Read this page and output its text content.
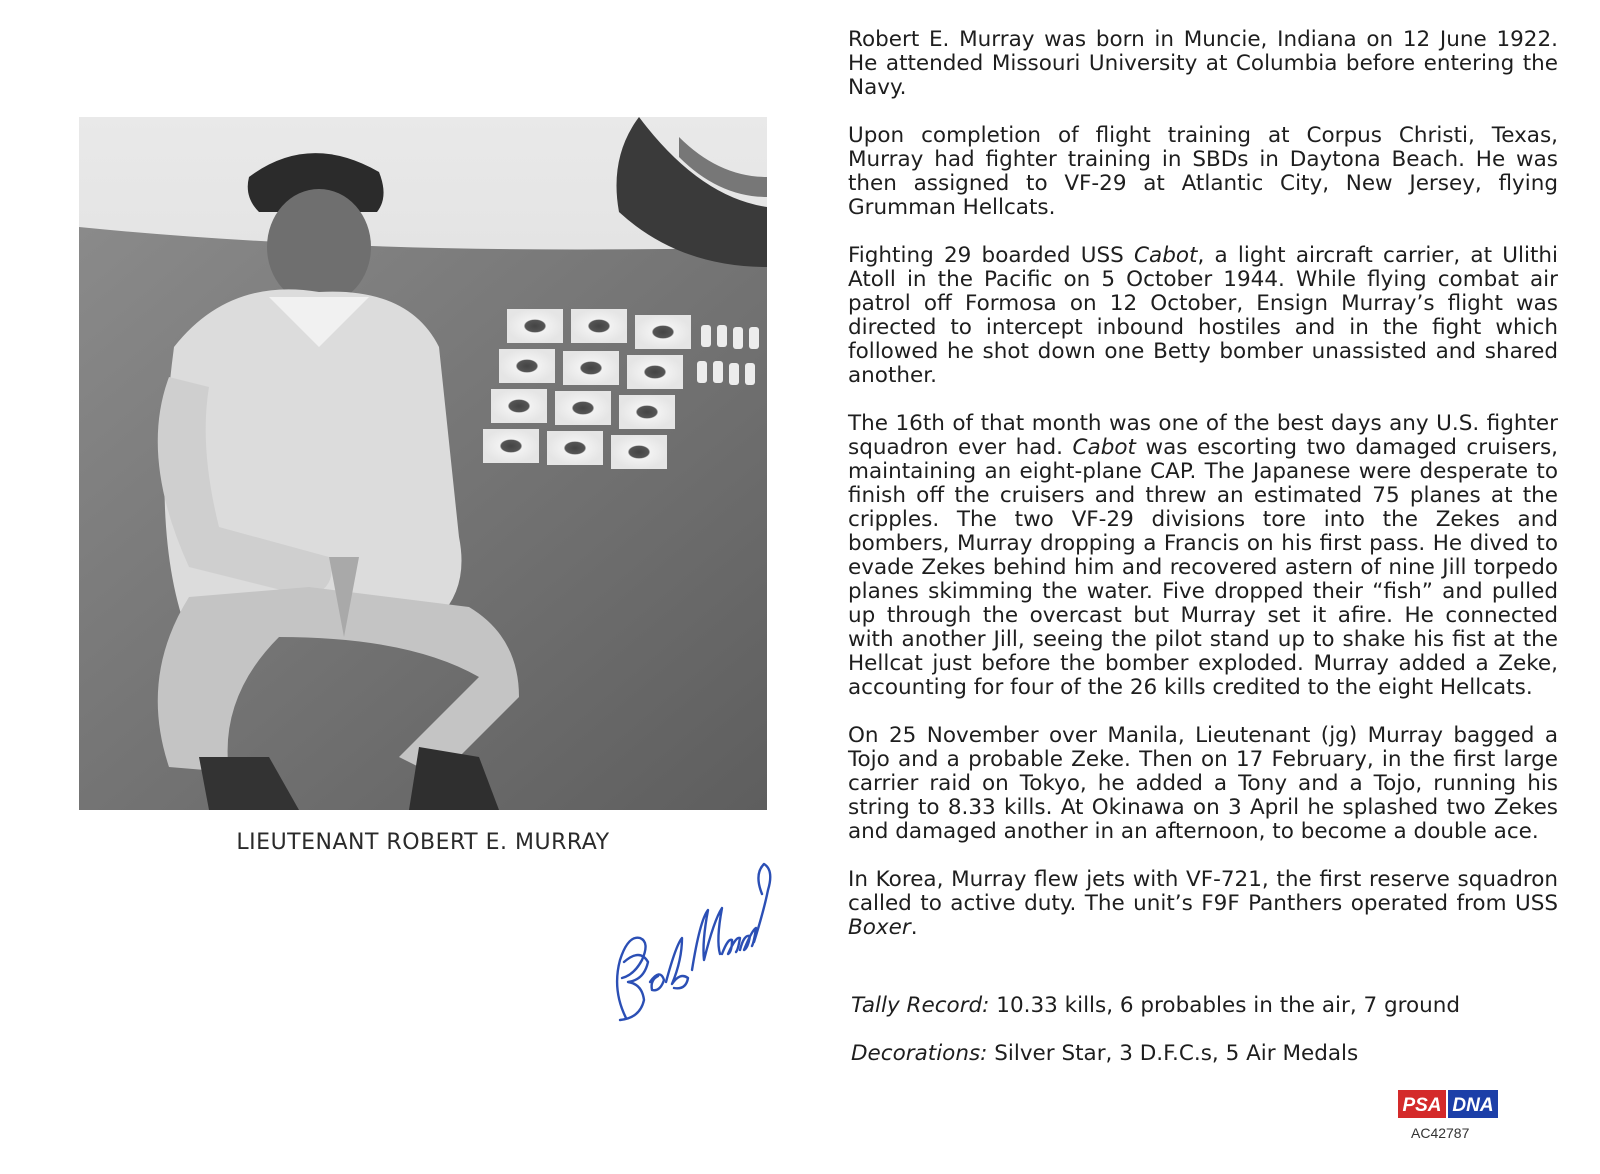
LIEUTENANT ROBERT E. MURRAY

Robert E. Murray was born in Muncie, Indiana on 12 June 1922. He attended Missouri University at Columbia before entering the Navy.

Upon completion of flight training at Corpus Christi, Texas, Murray had fighter training in SBDs in Daytona Beach. He was then assigned to VF-29 at Atlantic City, New Jersey, flying Grumman Hellcats.

Fighting 29 boarded USS Cabot, a light aircraft carrier, at Ulithi Atoll in the Pacific on 5 October 1944. While flying combat air patrol off Formosa on 12 October, Ensign Murray’s flight was directed to intercept inbound hostiles and in the fight which followed he shot down one Betty bomber unassisted and shared another.

The 16th of that month was one of the best days any U.S. fighter squadron ever had. Cabot was escorting two damaged cruisers, maintaining an eight-plane CAP. The Japanese were desperate to finish off the cruisers and threw an estimated 75 planes at the cripples. The two VF-29 divisions tore into the Zekes and bombers, Murray dropping a Francis on his first pass. He dived to evade Zekes behind him and recovered astern of nine Jill torpedo planes skimming the water. Five dropped their “fish” and pulled up through the overcast but Murray set it afire. He connected with another Jill, seeing the pilot stand up to shake his fist at the Hellcat just before the bomber exploded. Murray added a Zeke, accounting for four of the 26 kills credited to the eight Hellcats.

On 25 November over Manila, Lieutenant (jg) Murray bagged a Tojo and a probable Zeke. Then on 17 February, in the first large carrier raid on Tokyo, he added a Tony and a Tojo, running his string to 8.33 kills. At Okinawa on 3 April he splashed two Zekes and damaged another in an afternoon, to become a double ace.

In Korea, Murray flew jets with VF-721, the first reserve squadron called to active duty. The unit’s F9F Panthers operated from USS Boxer.

Tally Record: 10.33 kills, 6 probables in the air, 7 ground
Decorations: Silver Star, 3 D.F.C.s, 5 Air Medals
PSA DNA
AC42787
